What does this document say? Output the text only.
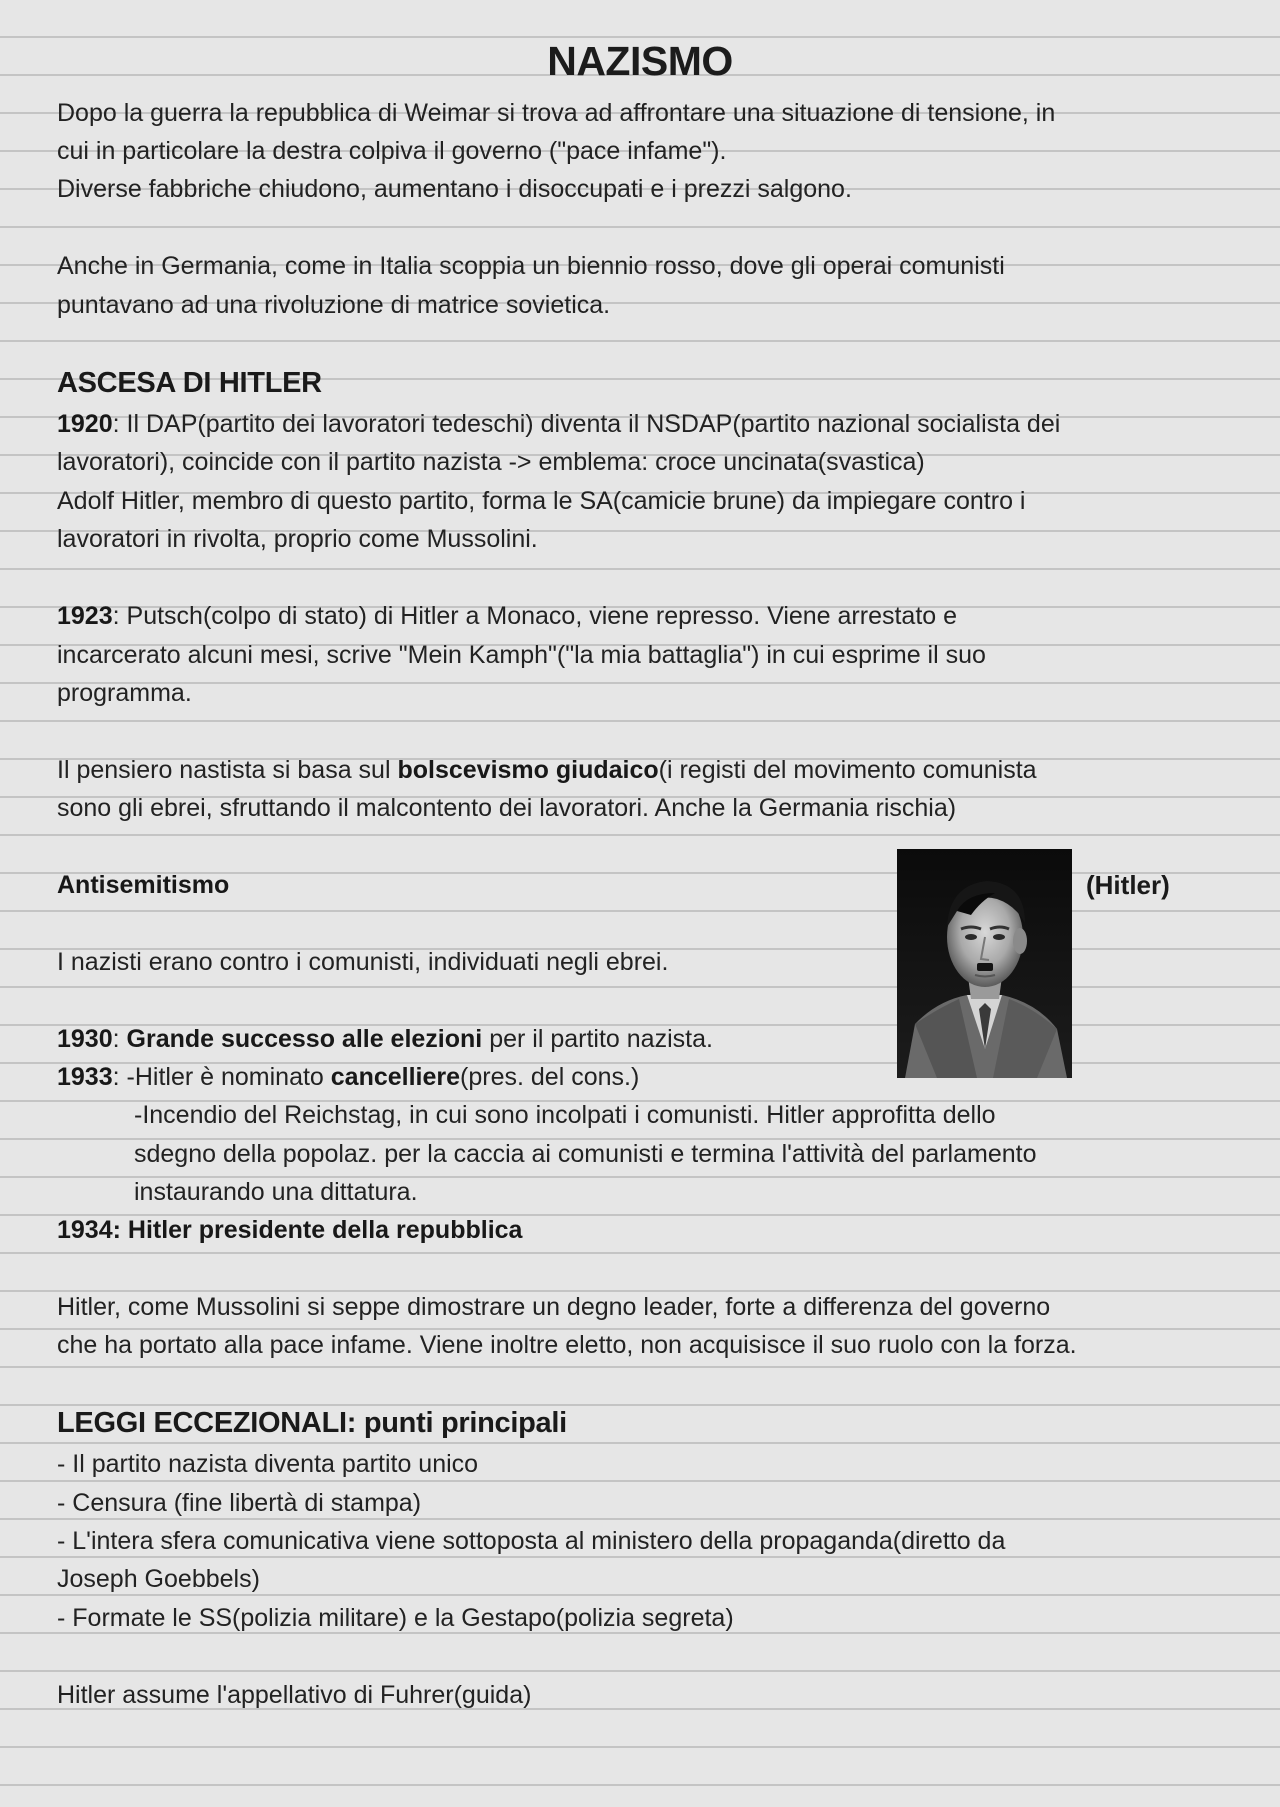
NAZISMO
Dopo la guerra la repubblica di Weimar si trova ad affrontare una situazione di tensione, in
cui in particolare la destra colpiva il governo ("pace infame").
Diverse fabbriche chiudono, aumentano i disoccupati e i prezzi salgono.
Anche in Germania, come in Italia scoppia un biennio rosso, dove gli operai comunisti
puntavano ad una rivoluzione di matrice sovietica.
ASCESA DI HITLER
1920: Il DAP(partito dei lavoratori tedeschi) diventa il NSDAP(partito nazional socialista dei
lavoratori), coincide con il partito nazista -> emblema: croce uncinata(svastica)
Adolf Hitler, membro di questo partito, forma le SA(camicie brune) da impiegare contro i
lavoratori in rivolta, proprio come Mussolini.
1923: Putsch(colpo di stato) di Hitler a Monaco, viene represso. Viene arrestato e
incarcerato alcuni mesi, scrive "Mein Kamph"("la mia battaglia") in cui esprime il suo
programma.
Il pensiero nastista si basa sul bolscevismo giudaico(i registi del movimento comunista
sono gli ebrei, sfruttando il malcontento dei lavoratori. Anche la Germania rischia)
Antisemitismo	(Hitler)
I nazisti erano contro i comunisti, individuati negli ebrei.
1930: Grande successo alle elezioni per il partito nazista.
1933: -Hitler è nominato cancelliere(pres. del cons.)
-Incendio del Reichstag, in cui sono incolpati i comunisti. Hitler approfitta dello
sdegno della popolaz. per la caccia ai comunisti e termina l'attività del parlamento
instaurando una dittatura.
1934: Hitler presidente della repubblica
Hitler, come Mussolini si seppe dimostrare un degno leader, forte a differenza del governo
che ha portato alla pace infame. Viene inoltre eletto, non acquisisce il suo ruolo con la forza.
LEGGI ECCEZIONALI: punti principali
- Il partito nazista diventa partito unico
- Censura (fine libertà di stampa)
- L'intera sfera comunicativa viene sottoposta al ministero della propaganda(diretto da
Joseph Goebbels)
- Formate le SS(polizia militare) e la Gestapo(polizia segreta)
Hitler assume l'appellativo di Fuhrer(guida)
